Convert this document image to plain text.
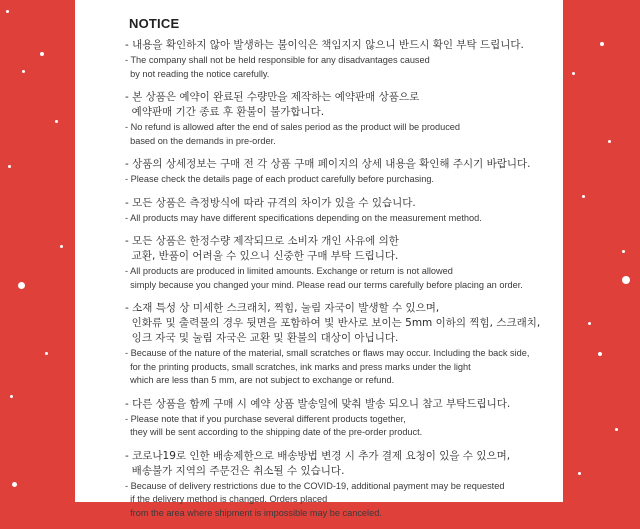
NOTICE
- 내용을 확인하지 않아 발생하는 불이익은 책임지지 않으니 반드시 확인 부탁 드립니다.
- The company shall not be held responsible for any disadvantages caused
by not reading the notice carefully.
- 본 상품은 예약이 완료된 수량만을 제작하는 예약판매 상품으로
예약판매 기간 종료 후 환불이 불가합니다.
- No refund is allowed after the end of sales period as the product will be produced
based on the demands in pre-order.
- 상품의 상세정보는 구매 전 각 상품 구매 페이지의 상세 내용을 확인해 주시기 바랍니다.
- Please check the details page of each product carefully before purchasing.
- 모든 상품은 측정방식에 따라 규격의 차이가 있을 수 있습니다.
- All products may have different specifications depending on the measurement method.
- 모든 상품은 한정수량 제작되므로 소비자 개인 사유에 의한
교환, 반품이 어려울 수 있으니 신중한 구매 부탁 드립니다.
- All products are produced in limited amounts. Exchange or return is not allowed
simply because you changed your mind. Please read our terms carefully before placing an order.
- 소재 특성 상 미세한 스크래치, 찍힘, 눌림 자국이 발생할 수 있으며,
인화류 및 출력물의 경우 뒷면을 포함하여 빛 반사로 보이는 5mm 이하의 찍힘, 스크래치,
잉크 자국 및 눌림 자국은 교환 및 환불의 대상이 아닙니다.
- Because of the nature of the material, small scratches or flaws may occur. Including the back side,
for the printing products, small scratches, ink marks and press marks under the light
which are less than 5 mm, are not subject to exchange or refund.
- 다른 상품을 함께 구매 시 예약 상품 발송일에 맞춰 발송 되오니 참고 부탁드립니다.
- Please note that if you purchase several different products together,
they will be sent according to the shipping date of the pre-order product.
- 코로나19로 인한 배송제한으로 배송방법 변경 시 추가 결제 요청이 있을 수 있으며,
배송불가 지역의 주문건은 취소될 수 있습니다.
- Because of delivery restrictions due to the COVID-19, additional payment may be requested
if the delivery method is changed. Orders placed
from the area where shipment is impossible may be canceled.
